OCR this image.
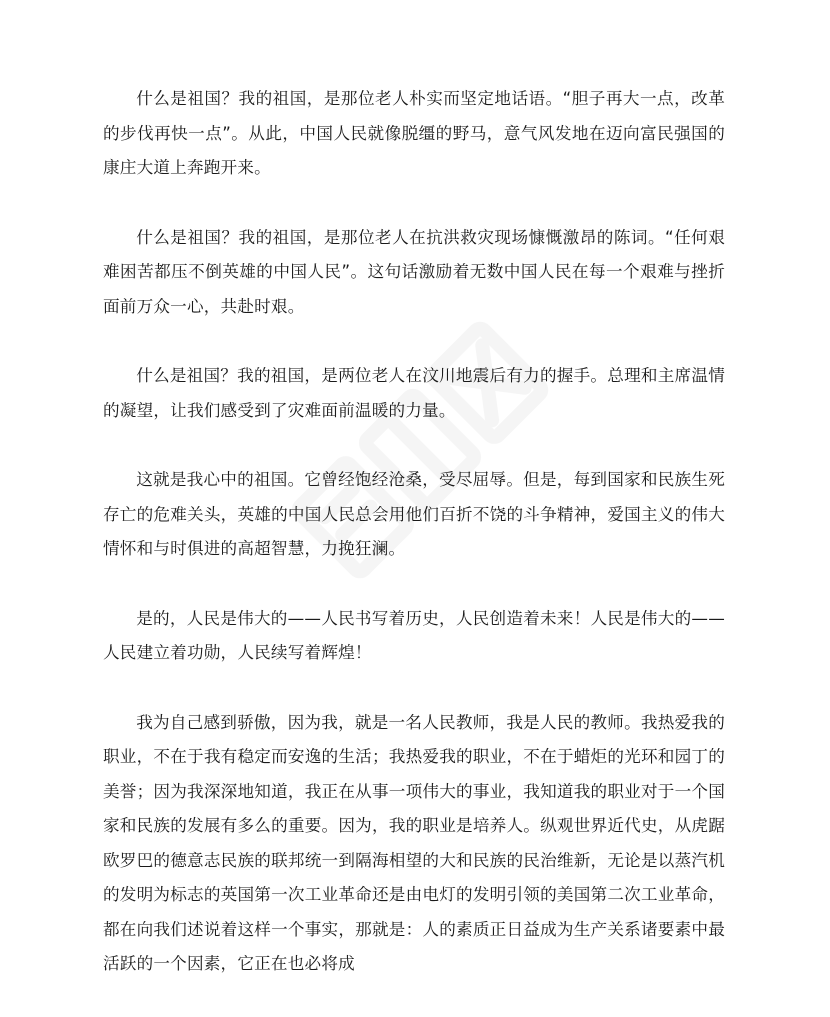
什么是祖国？我的祖国，是那位老人朴实而坚定地话语。“胆子再大一点，改革的步伐再快一点”。从此，中国人民就像脱缰的野马，意气风发地在迈向富民强国的康庄大道上奔跑开来。

什么是祖国？我的祖国，是那位老人在抗洪救灾现场慷慨激昂的陈词。“任何艰难困苦都压不倒英雄的中国人民”。这句话激励着无数中国人民在每一个艰难与挫折面前万众一心，共赴时艰。

什么是祖国？我的祖国，是两位老人在汶川地震后有力的握手。总理和主席温情的凝望，让我们感受到了灾难面前温暖的力量。

这就是我心中的祖国。它曾经饱经沧桑，受尽屈辱。但是，每到国家和民族生死存亡的危难关头，英雄的中国人民总会用他们百折不饶的斗争精神，爱国主义的伟大情怀和与时俱进的高超智慧，力挽狂澜。

是的，人民是伟大的——人民书写着历史，人民创造着未来！人民是伟大的——人民建立着功勋，人民续写着辉煌！

我为自己感到骄傲，因为我，就是一名人民教师，我是人民的教师。我热爱我的职业，不在于我有稳定而安逸的生活；我热爱我的职业，不在于蜡炬的光环和园丁的美誉；因为我深深地知道，我正在从事一项伟大的事业，我知道我的职业对于一个国家和民族的发展有多么的重要。因为，我的职业是培养人。纵观世界近代史，从虎踞欧罗巴的德意志民族的联邦统一到隔海相望的大和民族的民治维新，无论是以蒸汽机的发明为标志的英国第一次工业革命还是由电灯的发明引领的美国第二次工业革命，都在向我们述说着这样一个事实，那就是：人的素质正日益成为生产关系诸要素中最活跃的一个因素，它正在也必将成
